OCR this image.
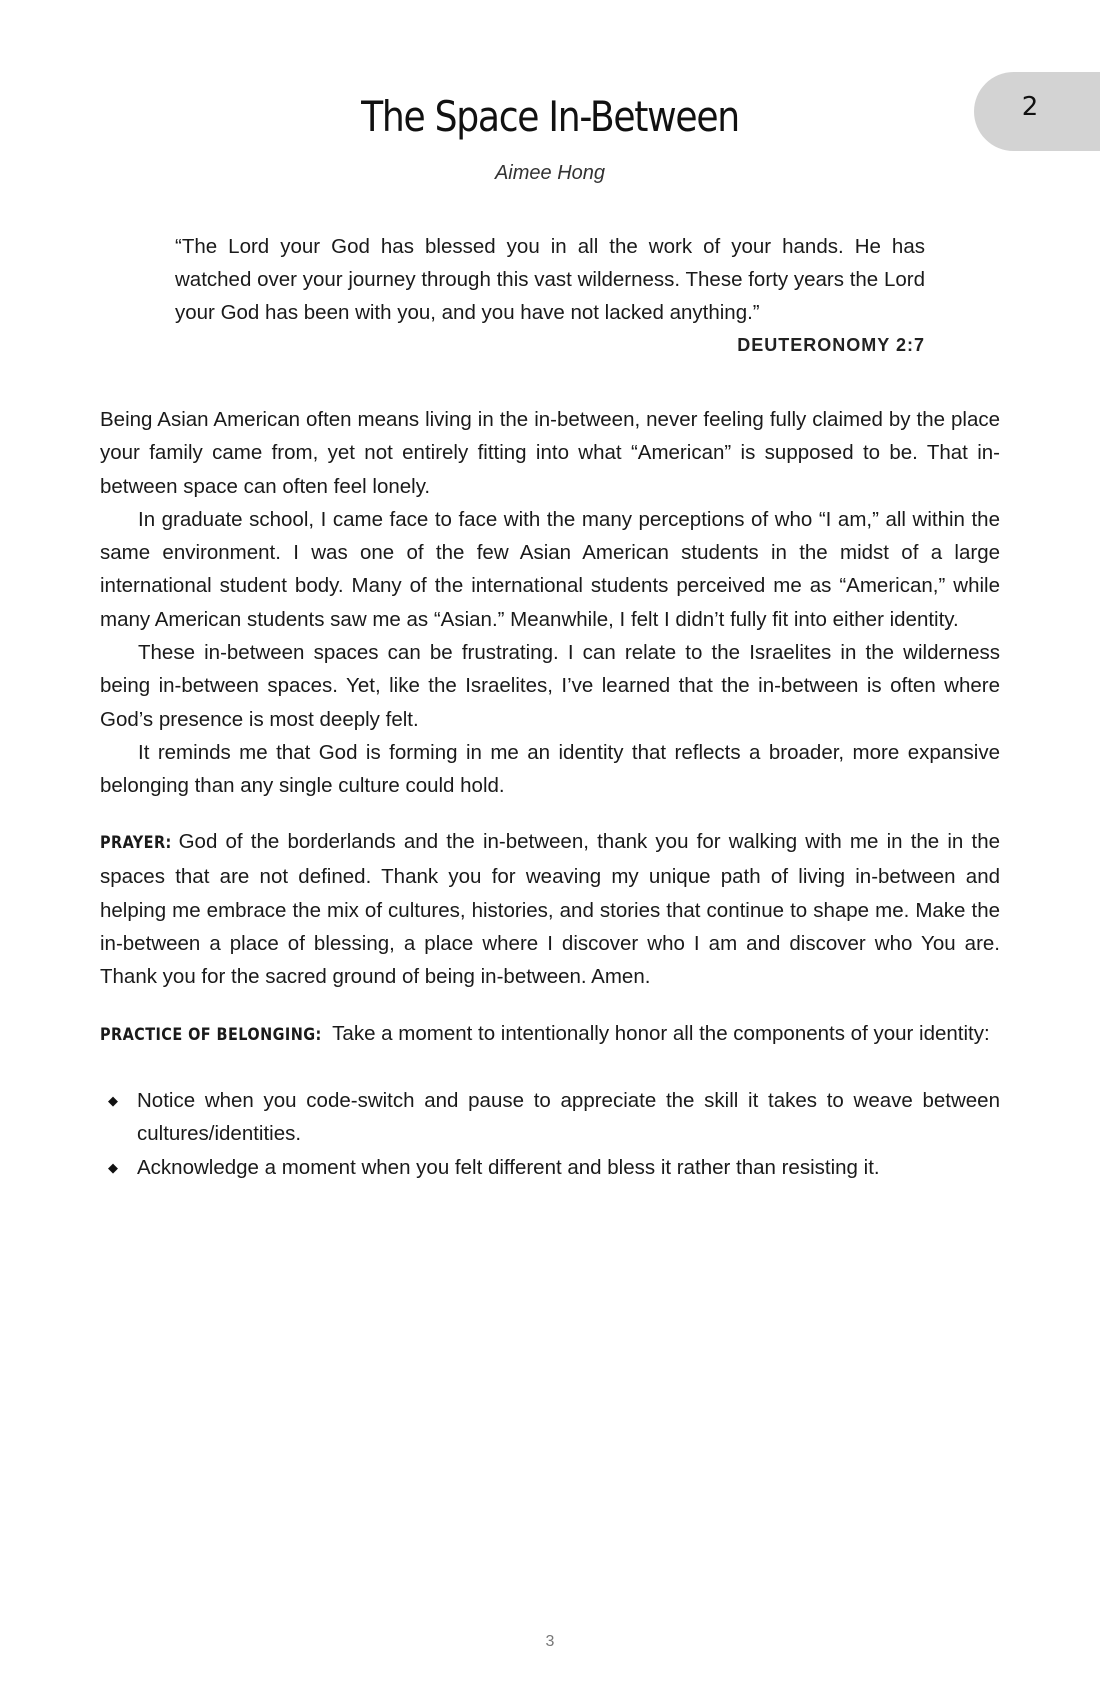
2
The Space In-Between
Aimee Hong

“The Lord your God has blessed you in all the work of your hands. He has watched over your journey through this vast wilderness. These forty years the Lord your God has been with you, and you have not lacked anything.”

DEUTERONOMY 2:7

Being Asian American often means living in the in-between, never feeling fully claimed by the place your family came from, yet not entirely fitting into what “American” is supposed to be. That in-between space can often feel lonely.

In graduate school, I came face to face with the many perceptions of who “I am,” all within the same environment. I was one of the few Asian American students in the midst of a large international student body. Many of the international students perceived me as “American,” while many American students saw me as “Asian.” Meanwhile, I felt I didn’t fully fit into either identity.

These in-between spaces can be frustrating. I can relate to the Israelites in the wilderness being in-between spaces. Yet, like the Israelites, I’ve learned that the in-between is often where God’s presence is most deeply felt.

It reminds me that God is forming in me an identity that reflects a broader, more expansive belonging than any single culture could hold.

PRAYER: God of the borderlands and the in-between, thank you for walking with me in the in the spaces that are not defined. Thank you for weaving my unique path of living in-between and helping me embrace the mix of cultures, histories, and stories that continue to shape me. Make the in-between a place of blessing, a place where I discover who I am and discover who You are. Thank you for the sacred ground of being in-between. Amen.

PRACTICE OF BELONGING: Take a moment to intentionally honor all the components of your identity:

◆ Notice when you code-switch and pause to appreciate the skill it takes to weave between cultures/identities.
◆ Acknowledge a moment when you felt different and bless it rather than resisting it.
3
